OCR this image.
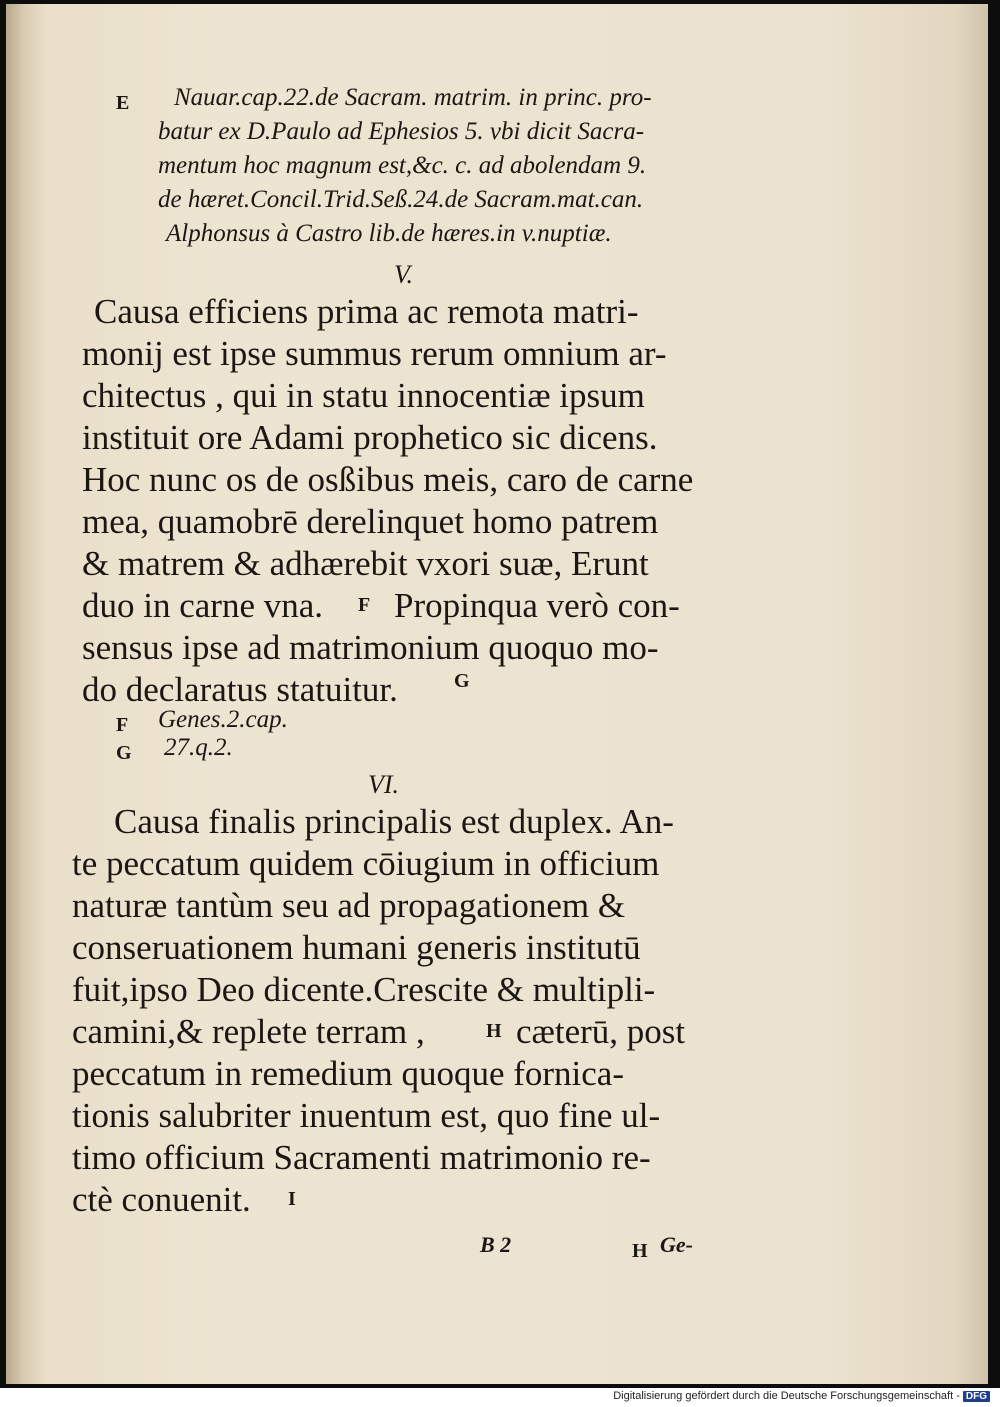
E Nauar.cap.22.de Sacram. matrim. in princ. pro-
batur ex D.Paulo ad Ephesios 5. vbi dicit Sacra-
mentum hoc magnum est,&c. c. ad abolendam 9.
de hæret.Concil.Trid.Seß.24.de Sacram.mat.can.
Alphonsus à Castro lib.de hæres.in v.nuptiæ.
V.
Causa efficiens prima ac remota matri-
monij est ipse summus rerum omnium ar-
chitectus , qui in statu innocentiæ ipsum
instituit ore Adami prophetico sic dicens.
Hoc nunc os de osßibus meis, caro de carne
mea, quamobrē derelinquet homo patrem
& matrem & adhærebit vxori suæ, Erunt
duo in carne vna. F Propinqua verò con-
sensus ipse ad matrimonium quoquo mo-
do declaratus statuitur.	G
F Genes.2.cap.
G 27.q.2.
VI.
Causa finalis principalis est duplex. An-
te peccatum quidem cōiugium in officium
naturæ tantùm seu ad propagationem &
conseruationem humani generis institutū
fuit,ipso Deo dicente.Crescite & multipli-
camini,& replete terram ,	H cæterū, post
peccatum in remedium quoque fornica-
tionis salubriter inuentum est, quo fine ul-
timo officium Sacramenti matrimonio re-
ctè conuenit. I
B 2	H Ge-
Digitalisierung gefördert durch die Deutsche Forschungsgemeinschaft - DFG
